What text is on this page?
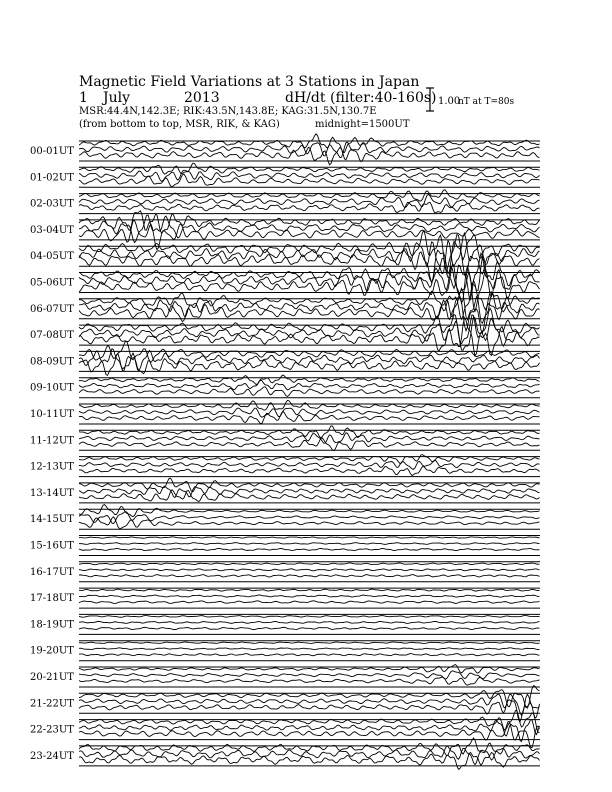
Magnetic Field Variations at 3 Stations in Japan
1 July	2013	dH/dt (filter:40-160s)
MSR:44.4N,142.3E; RIK:43.5N,143.8E; KAG:31.5N,130.7E
(from bottom to top, MSR, RIK, & KAG)	midnight=1500UT
1.00
nT at T=80s
00-01UT
01-02UT
02-03UT
03-04UT
04-05UT
05-06UT
06-07UT
07-08UT
08-09UT
09-10UT
10-11UT
11-12UT
12-13UT
13-14UT
14-15UT
15-16UT
16-17UT
17-18UT
18-19UT
19-20UT
20-21UT
21-22UT
22-23UT
23-24UT
